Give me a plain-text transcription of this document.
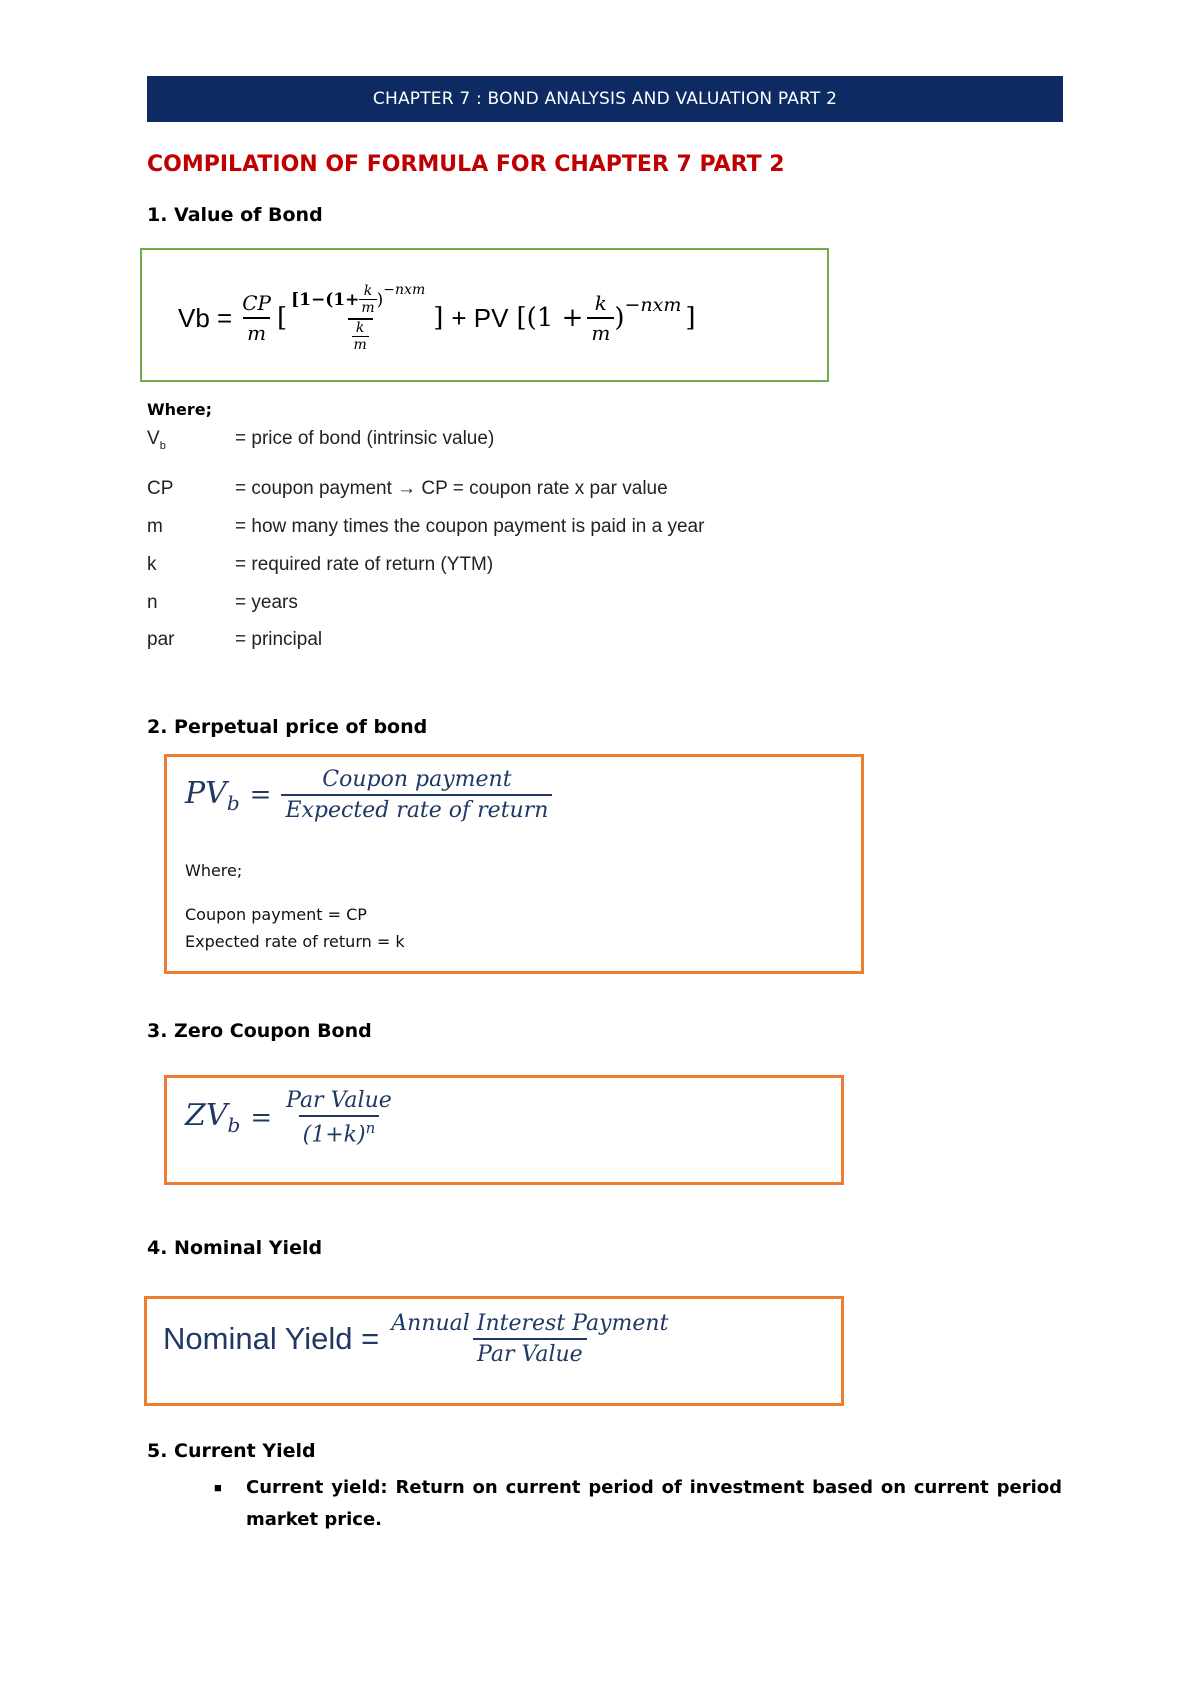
CHAPTER 7 : BOND ANALYSIS AND VALUATION PART 2
COMPILATION OF FORMULA FOR CHAPTER 7 PART 2
1. Value of Bond
$Vb = \frac{CP}{m}$ [
[$1-(1+ \frac{k}{m}$ ) −nxm
$\frac{k}{m}$
] + PV [($1 + \frac{k}{m}$ ) −nxm ]
Where;
$V_b$	= price of bond (intrinsic value)
CP	= coupon payment → CP = coupon rate x par value
m	= how many times the coupon payment is paid in a year
k	= required rate of return (YTM)
n	= years
par	= principal
2. Perpetual price of bond
$PV_b = \frac{\text{Coupon payment}}{\text{Expected rate of return}}$
Where;
Coupon payment = CP
Expected rate of return = k
3. Zero Coupon Bond
$ZV_b = \frac{\text{Par Value}}{(1+k)^n}$
4. Nominal Yield
Nominal Yield = $\frac{\text{Annual Interest Payment}}{\text{Par Value}}$
5. Current Yield
■	Current yield: Return on current period of investment based on current period market price.
